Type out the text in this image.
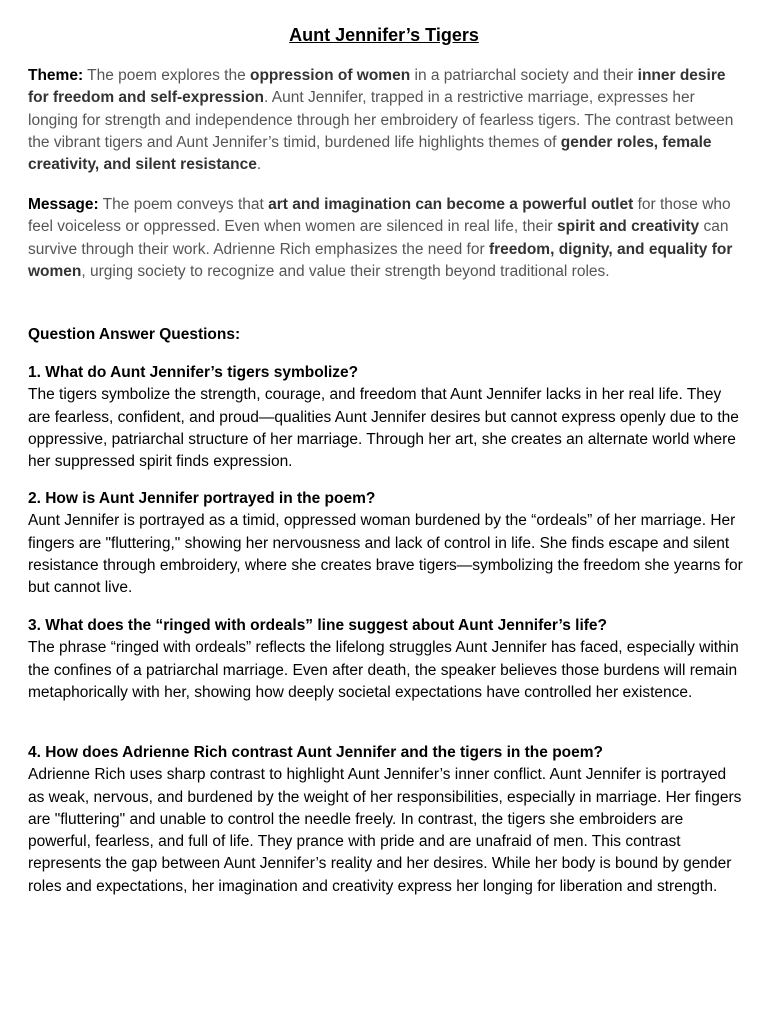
Aunt Jennifer’s Tigers
Theme: The poem explores the oppression of women in a patriarchal society and their inner desire for freedom and self-expression. Aunt Jennifer, trapped in a restrictive marriage, expresses her longing for strength and independence through her embroidery of fearless tigers. The contrast between the vibrant tigers and Aunt Jennifer’s timid, burdened life highlights themes of gender roles, female creativity, and silent resistance.
Message: The poem conveys that art and imagination can become a powerful outlet for those who feel voiceless or oppressed. Even when women are silenced in real life, their spirit and creativity can survive through their work. Adrienne Rich emphasizes the need for freedom, dignity, and equality for women, urging society to recognize and value their strength beyond traditional roles.
Question Answer Questions:
1. What do Aunt Jennifer’s tigers symbolize?
The tigers symbolize the strength, courage, and freedom that Aunt Jennifer lacks in her real life. They are fearless, confident, and proud—qualities Aunt Jennifer desires but cannot express openly due to the oppressive, patriarchal structure of her marriage. Through her art, she creates an alternate world where her suppressed spirit finds expression.
2. How is Aunt Jennifer portrayed in the poem?
Aunt Jennifer is portrayed as a timid, oppressed woman burdened by the “ordeals” of her marriage. Her fingers are "fluttering," showing her nervousness and lack of control in life. She finds escape and silent resistance through embroidery, where she creates brave tigers—symbolizing the freedom she yearns for but cannot live.
3. What does the “ringed with ordeals” line suggest about Aunt Jennifer’s life?
The phrase “ringed with ordeals” reflects the lifelong struggles Aunt Jennifer has faced, especially within the confines of a patriarchal marriage. Even after death, the speaker believes those burdens will remain metaphorically with her, showing how deeply societal expectations have controlled her existence.
4. How does Adrienne Rich contrast Aunt Jennifer and the tigers in the poem?
Adrienne Rich uses sharp contrast to highlight Aunt Jennifer’s inner conflict. Aunt Jennifer is portrayed as weak, nervous, and burdened by the weight of her responsibilities, especially in marriage. Her fingers are "fluttering" and unable to control the needle freely. In contrast, the tigers she embroiders are powerful, fearless, and full of life. They prance with pride and are unafraid of men. This contrast represents the gap between Aunt Jennifer’s reality and her desires. While her body is bound by gender roles and expectations, her imagination and creativity express her longing for liberation and strength.
